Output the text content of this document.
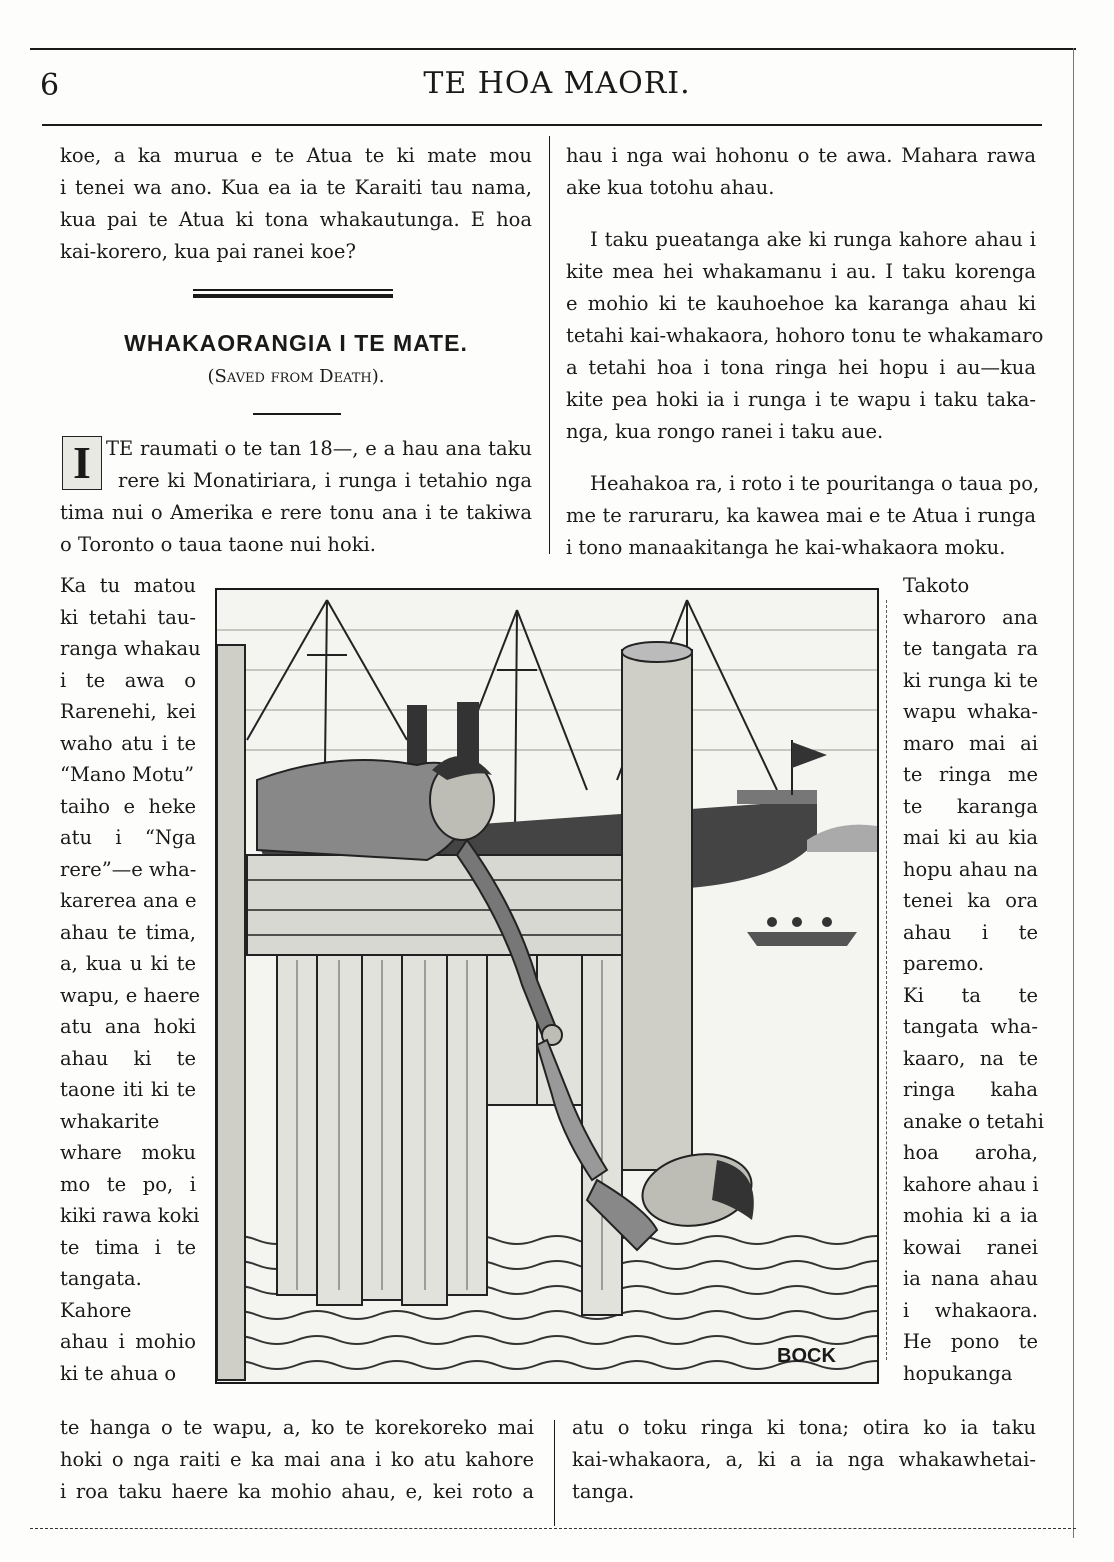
6	TE HOA MAORI.
koe, a ka murua e te Atua te ki mate mou
i tenei wa ano. Kua ea ia te Karaiti tau nama,
kua pai te Atua ki tona whakautunga. E hoa
kai-korero, kua pai ranei koe?
WHAKAORANGIA I TE MATE.
(Saved from Death).
I TE raumati o te tan 18—, e a hau ana taku
rere ki Monatiriara, i runga i tetahio nga
tima nui o Amerika e rere tonu ana i te takiwa
o Toronto o taua taone nui hoki.
hau i nga wai hohonu o te awa. Mahara rawa
ake kua totohu ahau.
I taku pueatanga ake ki runga kahore ahau i
kite mea hei whakamanu i au. I taku korenga
e mohio ki te kauhoehoe ka karanga ahau ki
tetahi kai-whakaora, hohoro tonu te whakamaro
a tetahi hoa i tona ringa hei hopu i au—kua
kite pea hoki ia i runga i te wapu i taku taka-
nga, kua rongo ranei i taku aue.
Heahakoa ra, i roto i te pouritanga o taua po,
me te raruraru, ka kawea mai e te Atua i runga
i tono manaakitanga he kai-whakaora moku.
Ka tu matou
ki tetahi tau-
ranga whakau
i te awa o
Rarenehi, kei
waho atu i te
“Mano Motu”
taiho e heke
atu i “Nga
rere”—e wha-
karerea ana e
ahau te tima,
a, kua u ki te
wapu, e haere
atu ana hoki
ahau ki te
taone iti ki te
whakarite
whare moku
mo te po, i
kiki rawa koki
te tima i te
tangata.
Kahore
ahau i mohio
ki te ahua o
Takoto
wharoro ana
te tangata ra
ki runga ki te
wapu whaka-
maro mai ai
te ringa me
te karanga
mai ki au kia
hopu ahau na
tenei ka ora
ahau i te
paremo.
Ki ta te
tangata wha-
kaaro, na te
ringa kaha
anake o tetahi
hoa aroha,
kahore ahau i
mohia ki a ia
kowai ranei
ia nana ahau
i whakaora.
He pono te
hopukanga
BOCK
te hanga o te wapu, a, ko te korekoreko mai
hoki o nga raiti e ka mai ana i ko atu kahore
i roa taku haere ka mohio ahau, e, kei roto a
atu o toku ringa ki tona; otira ko ia taku
kai-whakaora, a, ki a ia nga whakawhetai-
tanga.
